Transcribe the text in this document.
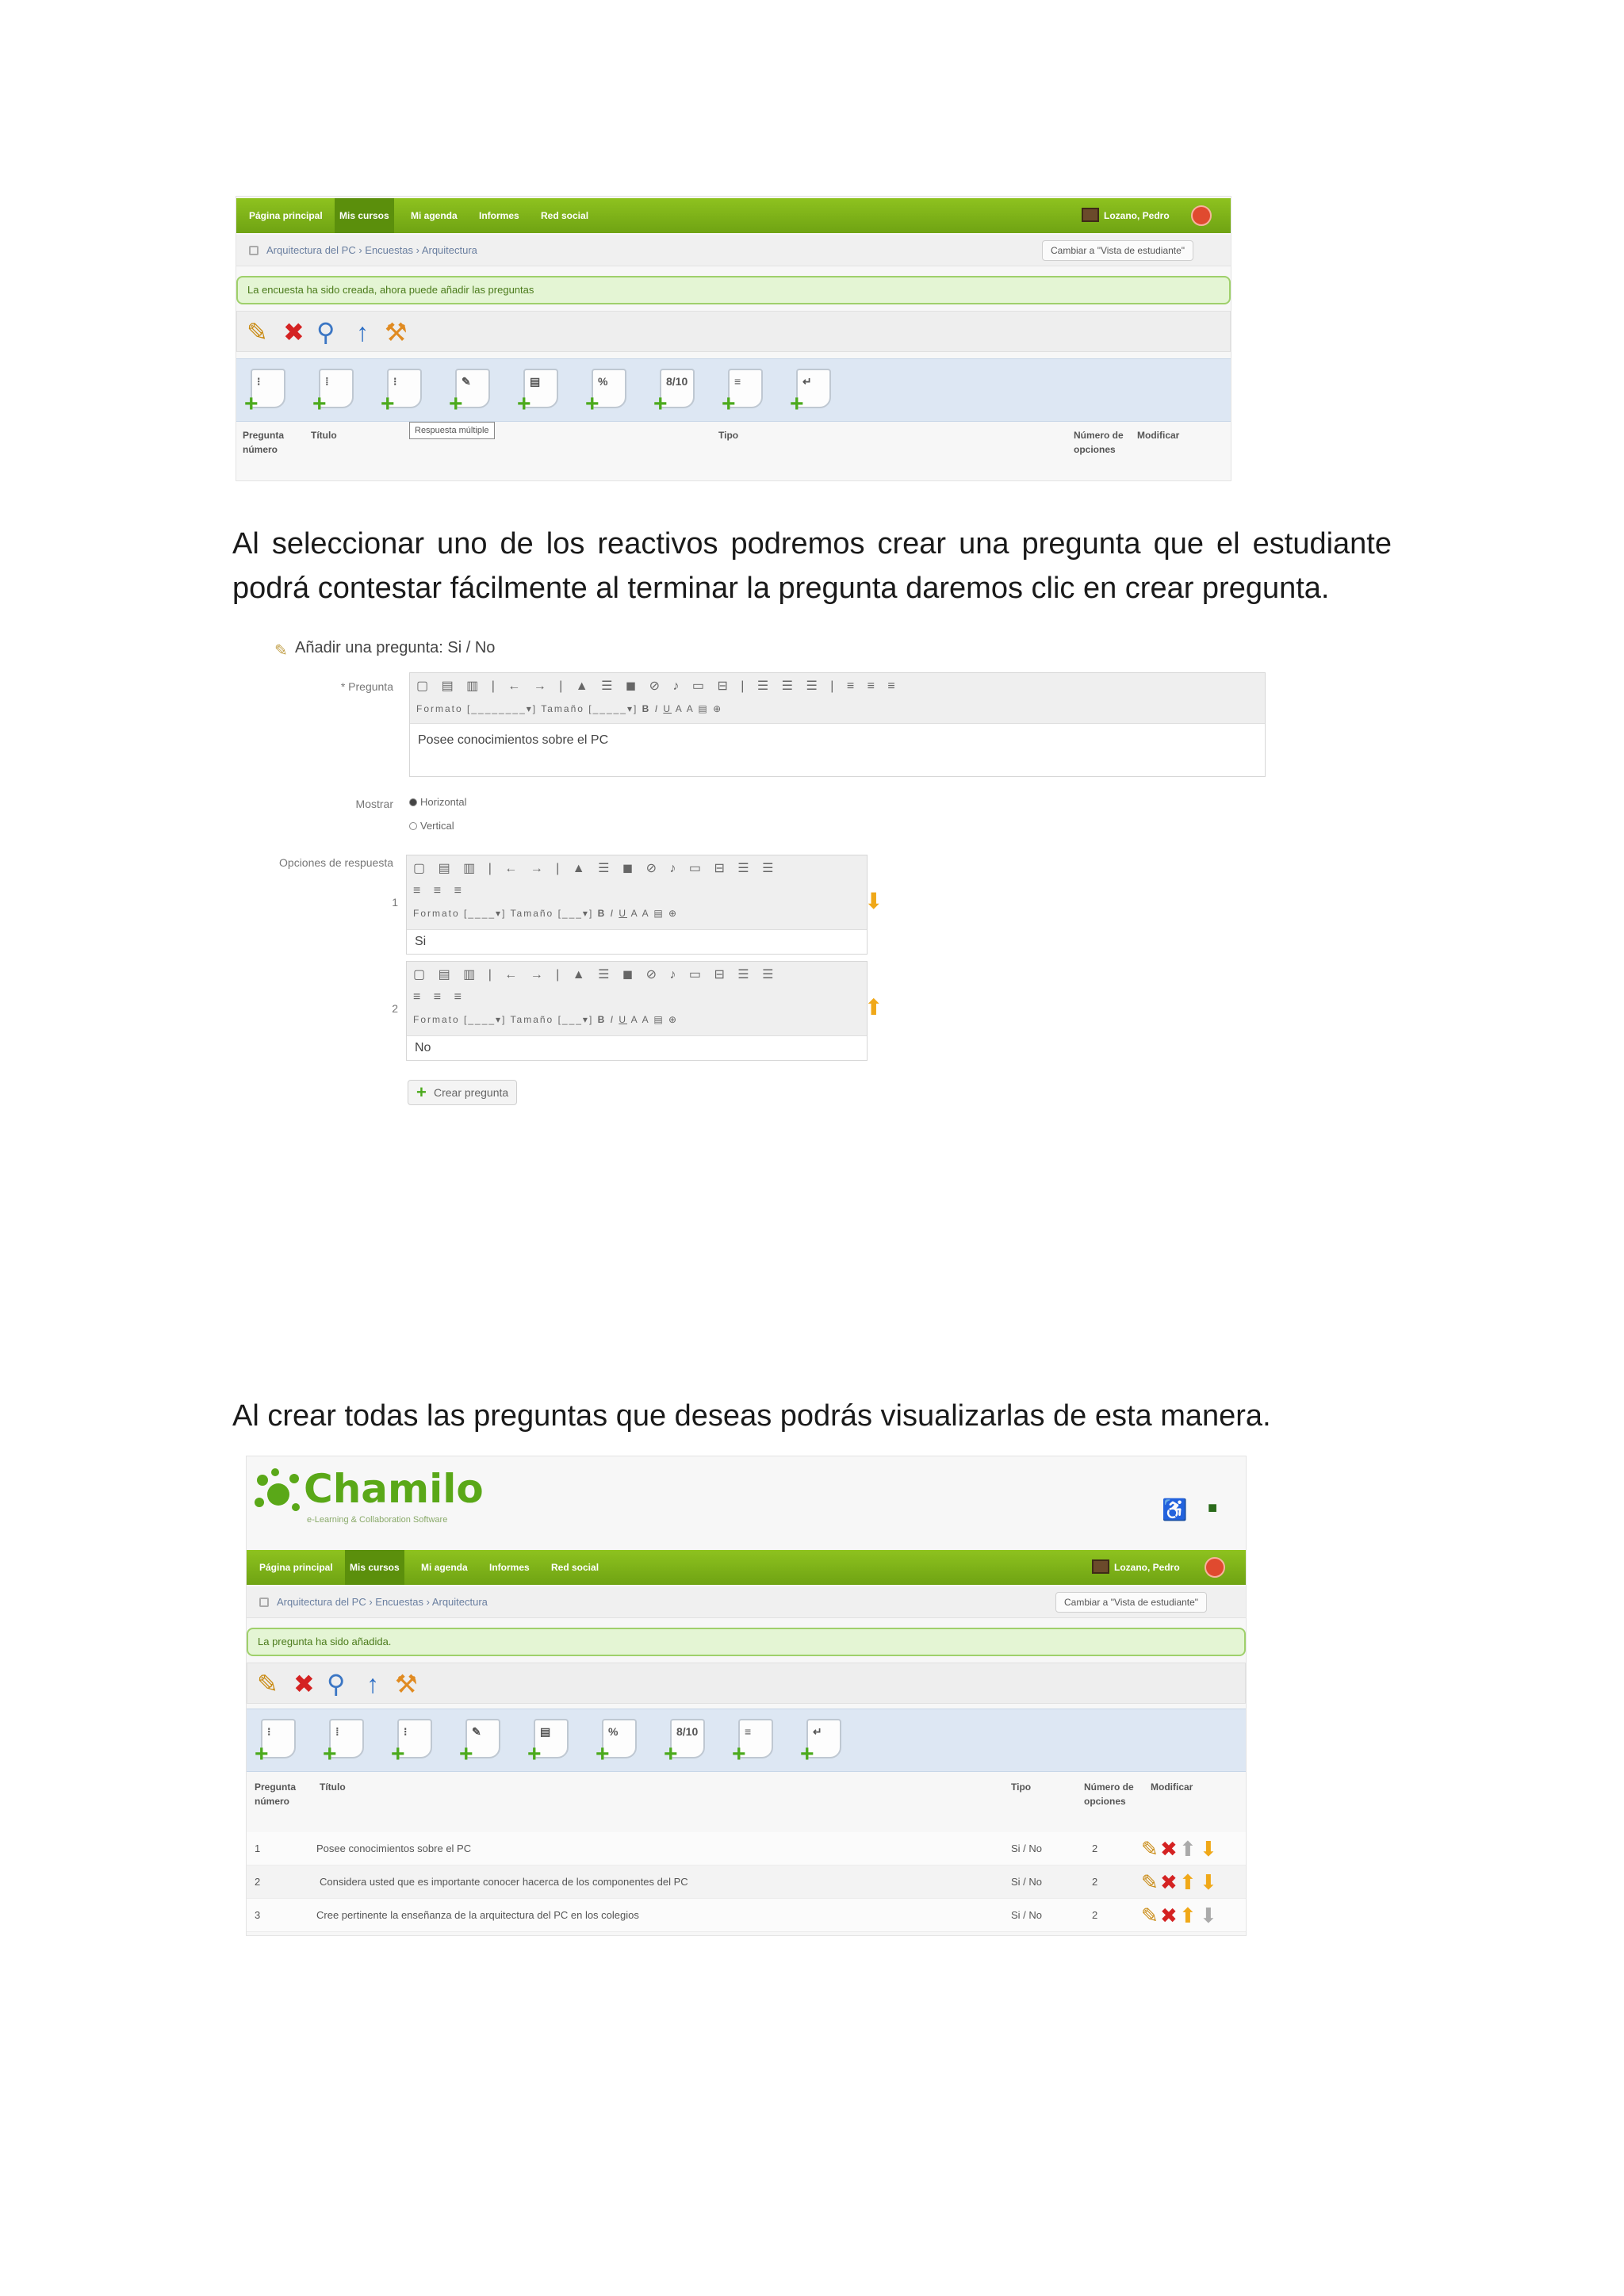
Página principal	Mis cursos	Mi agenda	Informes	Red social	Lozano, Pedro
Arquitectura del PC › Encuestas › Arquitectura	Cambiar a "Vista de estudiante"
La encuesta ha sido creada, ahora puede añadir las preguntas
✎ ✖ ⚲ ↑ ⚒
⁝
+
⁞
+
⁝
+
✎
+
▤
+
%
+
8/10
+
≡
+
↵
+
Respuesta múltiple
Pregunta número
Título	Tipo	Número de opciones
Modificar

Al seleccionar uno de los reactivos podremos crear una pregunta que el estudiante podrá contestar fácilmente al terminar la pregunta daremos clic en crear pregunta.

✎ Añadir una pregunta: Si / No
* Pregunta ▢ ▤ ▥ | ← → | ▲ ☰ ◼ ⊘ ♪ ▭ ⊟ | ☰ ☰ ☰ | ≡ ≡ ≡
Formato [________▾] Tamaño [_____▾] B I U A A ▤ ⊕
Posee conocimientos sobre el PC
Mostrar	Horizontal
Vertical
Opciones de respuesta
1
▢ ▤ ▥ | ← → | ▲ ☰ ◼ ⊘ ♪ ▭ ⊟ ☰ ☰
≡ ≡ ≡
Formato [____▾] Tamaño [___▾] B I U A A ▤ ⊕
Si
⬇
2
▢ ▤ ▥ | ← → | ▲ ☰ ◼ ⊘ ♪ ▭ ⊟ ☰ ☰
≡ ≡ ≡
Formato [____▾] Tamaño [___▾] B I U A A ▤ ⊕
No
⬆
+ Crear pregunta

Al crear todas las preguntas que deseas podrás visualizarlas de esta manera.

Chamilo
e-Learning & Collaboration Software	♿ ■
Página principal	Mis cursos	Mi agenda	Informes	Red social	Lozano, Pedro
Arquitectura del PC › Encuestas › Arquitectura	Cambiar a "Vista de estudiante"
La pregunta ha sido añadida.
✎ ✖ ⚲ ↑ ⚒
⁝
+
⁞
+
⁝
+
✎
+
▤
+
%
+
8/10
+
≡
+
↵
+
Pregunta número
Título	Tipo	Número de opciones
Modificar
1	Posee conocimientos sobre el PC	Si / No	2 ✎ ✖ ⬆ ⬇
2	Considera usted que es importante conocer hacerca de los componentes del PC	Si / No	2 ✎ ✖ ⬆ ⬇
3	Cree pertinente la enseñanza de la arquitectura del PC en los colegios	Si / No	2 ✎ ✖ ⬆ ⬇
